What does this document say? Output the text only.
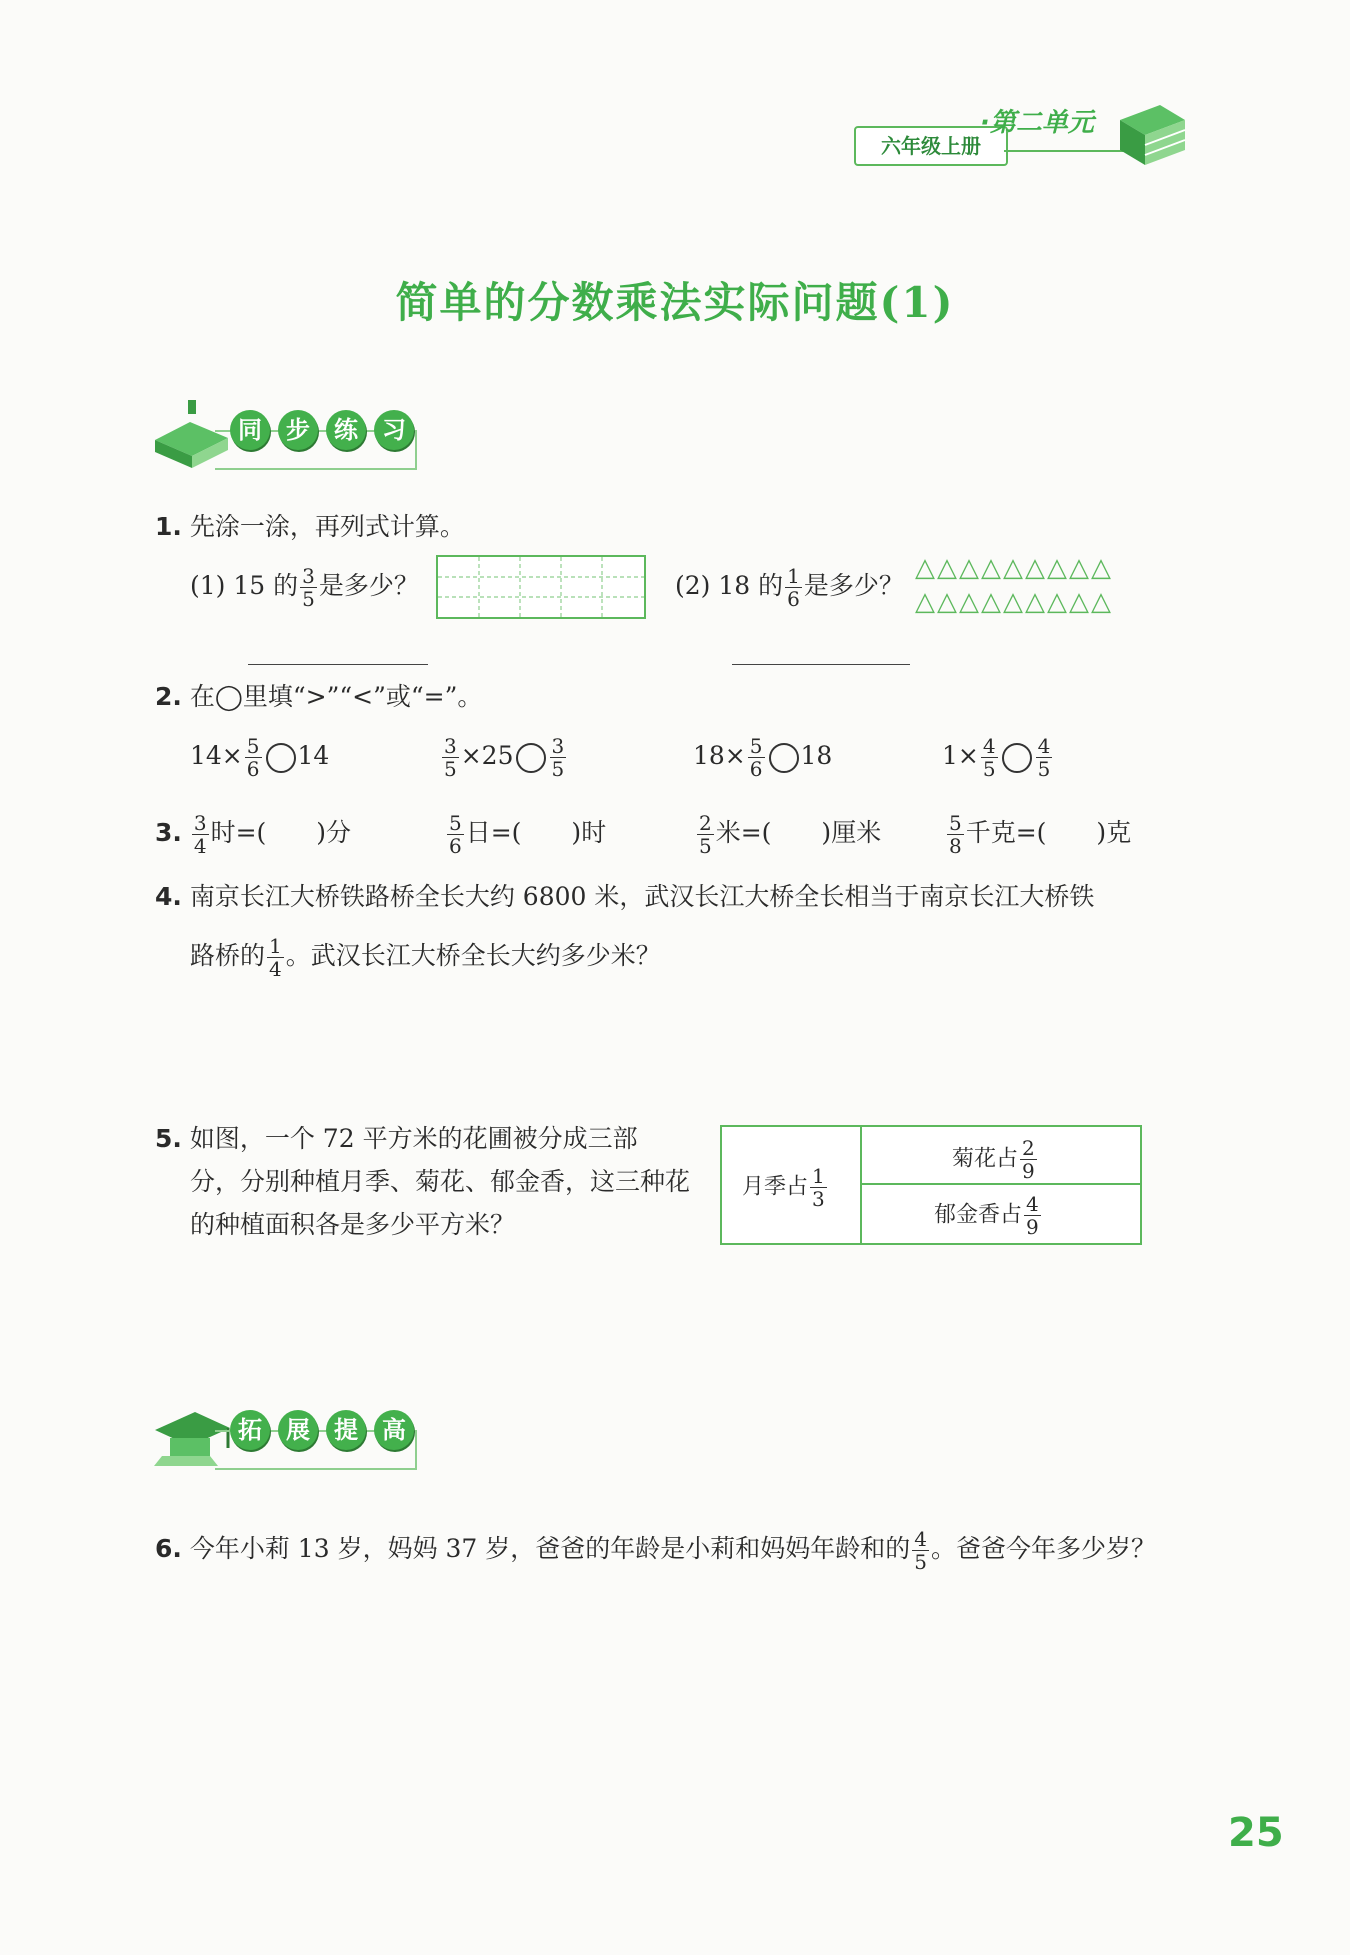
六年级上册
·第二单元
简单的分数乘法实际问题(1)
同	步	练	习
1. 先涂一涂，再列式计算。
(1) 15 的 $\frac{3}{5}$ 是多少？	(2) 18 的 $\frac{1}{6}$ 是多少？
△△△△△△△△△
△△△△△△△△△
2. 在◯里填“>”“<”或“=”。
$14\times \frac{5}{6} 14$	$\frac{3}{5} \times 25 \frac{3}{5}$	$18\times \frac{5}{6} 18$	$1\times \frac{4}{5} \frac{4}{5}$
3. $\frac{3}{4}$ 时=(　　)分	$\frac{5}{6}$ 日=(　　)时	$\frac{2}{5}$ 米=(　　)厘米	$\frac{5}{8}$ 千克=(　　)克
4. 南京长江大桥铁路桥全长大约 6800 米，武汉长江大桥全长相当于南京长江大桥铁
路桥的 $\frac{1}{4}$ 。武汉长江大桥全长大约多少米？
5. 如图，一个 72 平方米的花圃被分成三部
分，分别种植月季、菊花、郁金香，这三种花
的种植面积各是多少平方米？
月季占 $\frac{1}{3}$
菊花占 $\frac{2}{9}$
郁金香占 $\frac{4}{9}$
拓	展	提	高
6. 今年小莉 13 岁，妈妈 37 岁，爸爸的年龄是小莉和妈妈年龄和的 $\frac{4}{5}$ 。爸爸今年多少岁？
25
